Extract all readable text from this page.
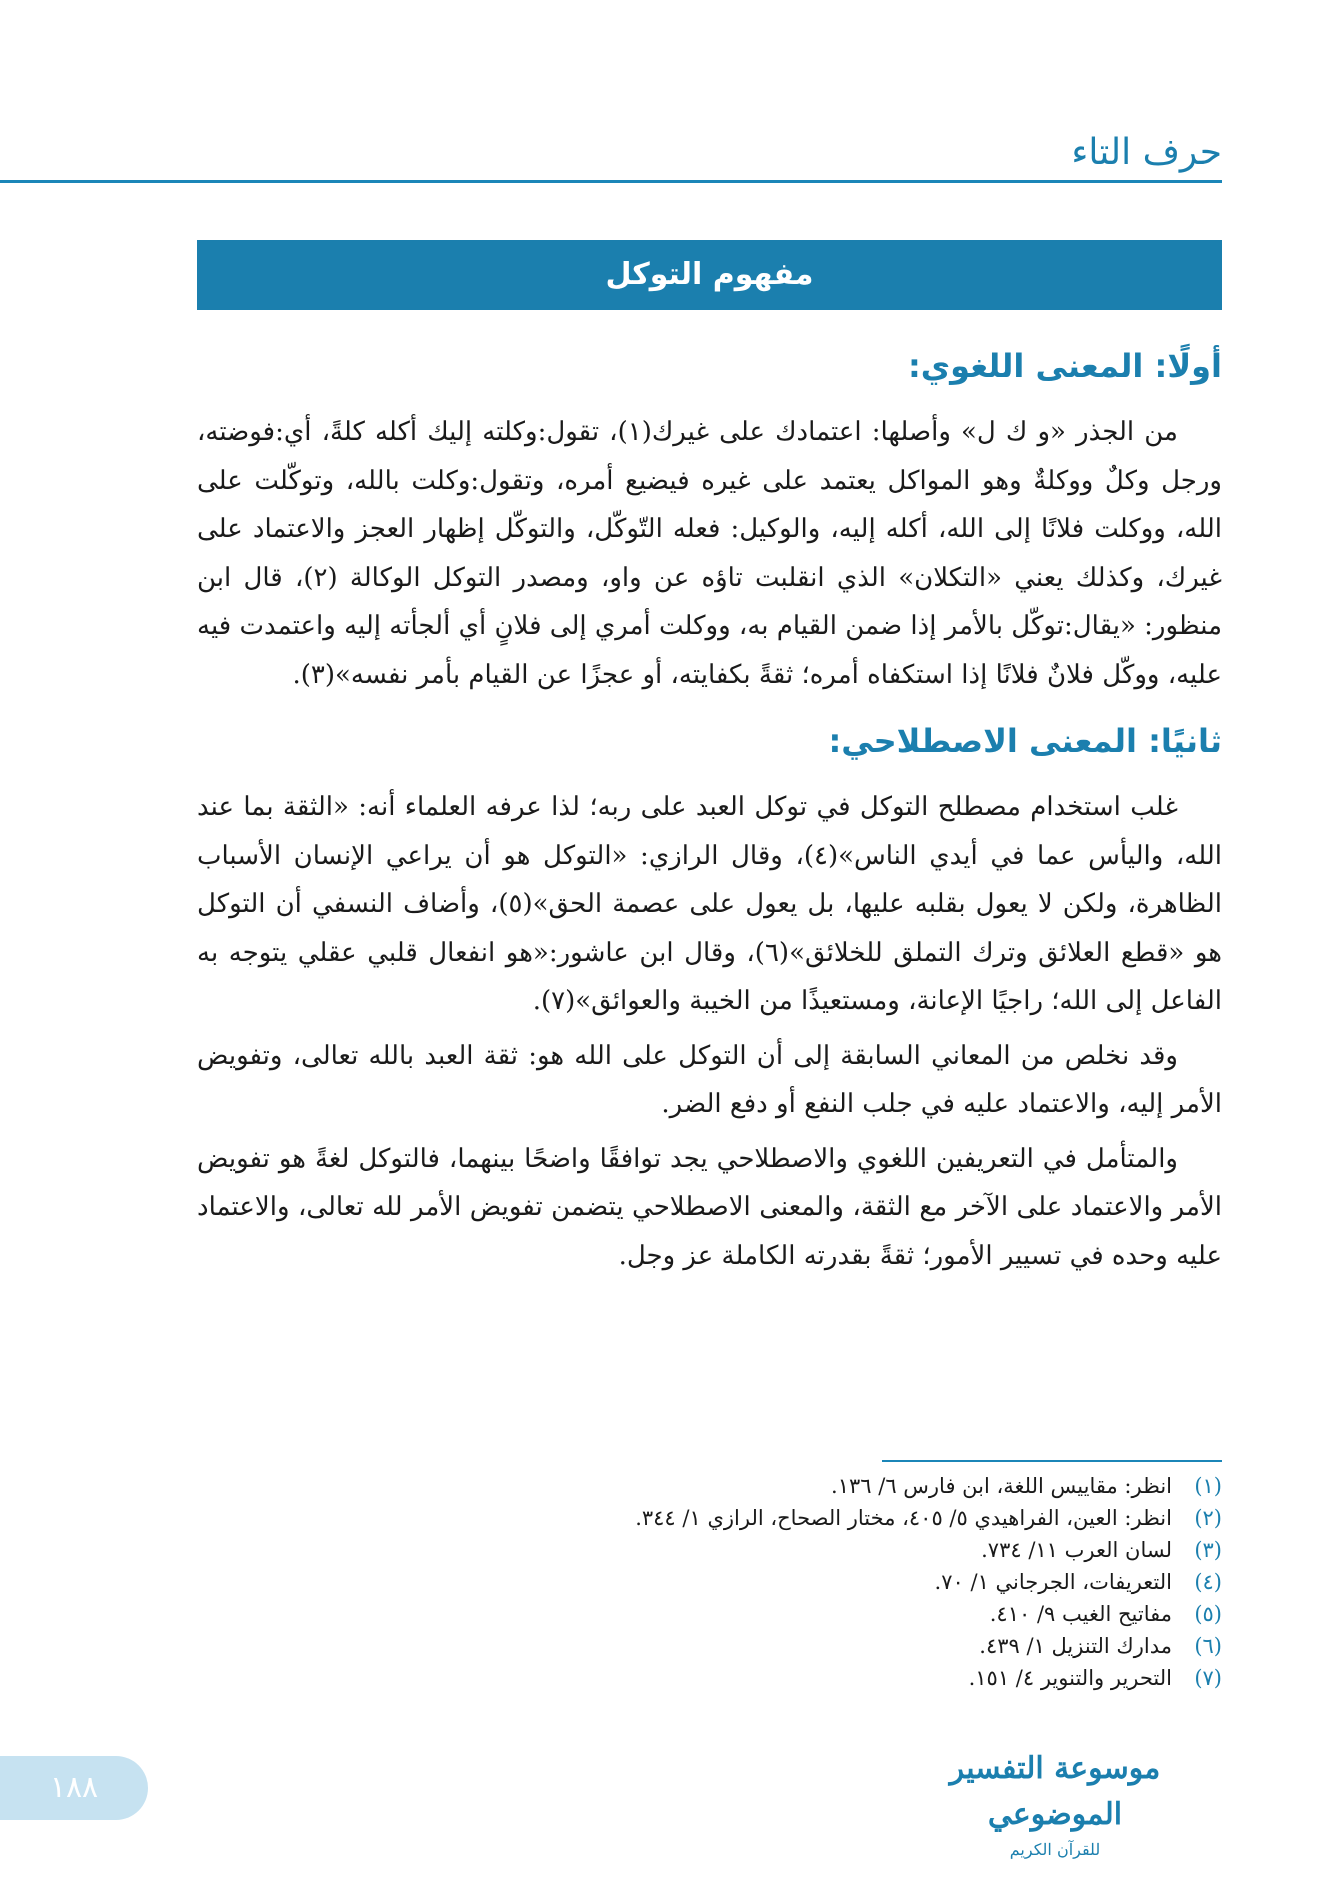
حرف التاء
مفهوم التوكل
أولًا: المعنى اللغوي:

من الجذر «و ك ل» وأصلها: اعتمادك على غيرك(١)، تقول:وكلته إليك أكله كلةً، أي:فوضته، ورجل وكلٌ ووكلةٌ وهو المواكل يعتمد على غيره فيضيع أمره، وتقول:وكلت بالله، وتوكّلت على الله، ووكلت فلانًا إلى الله، أكله إليه، والوكيل: فعله التّوكّل، والتوكّل إظهار العجز والاعتماد على غيرك، وكذلك يعني «التكلان» الذي انقلبت تاؤه عن واو، ومصدر التوكل الوكالة (٢)، قال ابن منظور: «يقال:توكّل بالأمر إذا ضمن القيام به، ووكلت أمري إلى فلانٍ أي ألجأته إليه واعتمدت فيه عليه، ووكّل فلانٌ فلانًا إذا استكفاه أمره؛ ثقةً بكفايته، أو عجزًا عن القيام بأمر نفسه»(٣).

ثانيًا: المعنى الاصطلاحي:

غلب استخدام مصطلح التوكل في توكل العبد على ربه؛ لذا عرفه العلماء أنه: «الثقة بما عند الله، واليأس عما في أيدي الناس»(٤)، وقال الرازي: «التوكل هو أن يراعي الإنسان الأسباب الظاهرة، ولكن لا يعول بقلبه عليها، بل يعول على عصمة الحق»(٥)، وأضاف النسفي أن التوكل هو «قطع العلائق وترك التملق للخلائق»(٦)، وقال ابن عاشور:«هو انفعال قلبي عقلي يتوجه به الفاعل إلى الله؛ راجيًا الإعانة، ومستعيذًا من الخيبة والعوائق»(٧).

وقد نخلص من المعاني السابقة إلى أن التوكل على الله هو: ثقة العبد بالله تعالى، وتفويض الأمر إليه، والاعتماد عليه في جلب النفع أو دفع الضر.

والمتأمل في التعريفين اللغوي والاصطلاحي يجد توافقًا واضحًا بينهما، فالتوكل لغةً هو تفويض الأمر والاعتماد على الآخر مع الثقة، والمعنى الاصطلاحي يتضمن تفويض الأمر لله تعالى، والاعتماد عليه وحده في تسيير الأمور؛ ثقةً بقدرته الكاملة عز وجل.

(١)
انظر: مقاييس اللغة، ابن فارس ٦/ ١٣٦.
(٢)
انظر: العين، الفراهيدي ٥/ ٤٠٥، مختار الصحاح، الرازي ١/ ٣٤٤.
(٣)
لسان العرب ١١/ ٧٣٤.
(٤)
التعريفات، الجرجاني ١/ ٧٠.
(٥)
مفاتيح الغيب ٩/ ٤١٠.
(٦)
مدارك التنزيل ١/ ٤٣٩.
(٧)
التحرير والتنوير ٤/ ١٥١.
موسوعة التفسير الموضوعي
للقرآن الكريم
١٨٨
